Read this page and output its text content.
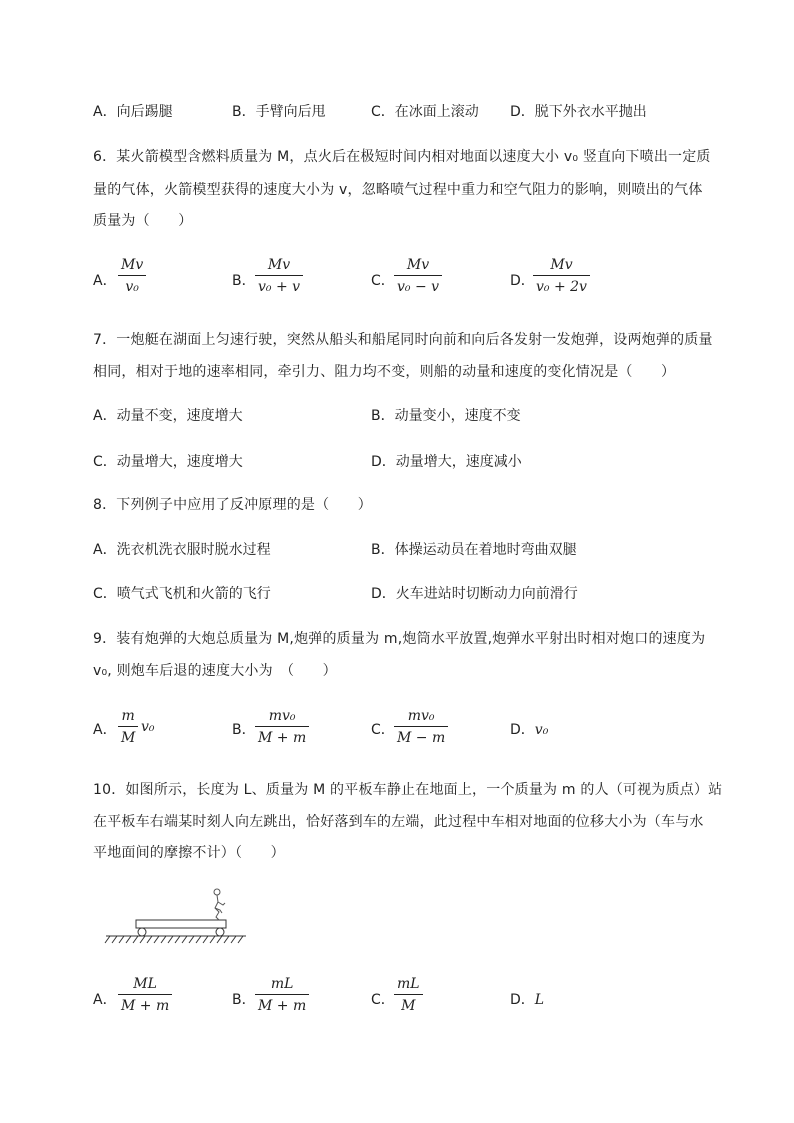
A．向后踢腿	B．手臂向后甩	C．在冰面上滚动 D．脱下外衣水平抛出
6．某火箭模型含燃料质量为 M，点火后在极短时间内相对地面以速度大小 v₀ 竖直向下喷出一定质
量的气体，火箭模型获得的速度大小为 v，忽略喷气过程中重力和空气阻力的影响，则喷出的气体
质量为（　　）
A． $\frac{Mv}{\text{v₀}}$	B． $\frac{Mv}{\text{v₀ + v}}$	C． $\frac{Mv}{\text{v₀ − v}}$	D．
$\frac{Mv}{\text{v₀ + 2v}}$
7．一炮艇在湖面上匀速行驶，突然从船头和船尾同时向前和向后各发射一发炮弹，设两炮弹的质量
相同，相对于地的速率相同，牵引力、阻力均不变，则船的动量和速度的变化情况是（　　）
A．动量不变，速度增大	B．动量变小，速度不变
C．动量增大，速度增大	D．动量增大，速度减小
8．下列例子中应用了反冲原理的是（　　）
A．洗衣机洗衣服时脱水过程	B．体操运动员在着地时弯曲双腿
C．喷气式飞机和火箭的飞行	D．火车进站时切断动力向前滑行
9．装有炮弹的大炮总质量为 M,炮弹的质量为 m,炮筒水平放置,炮弹水平射出时相对炮口的速度为
v₀, 则炮车后退的速度大小为　（　　）
A． $\frac{m}{M} v_0$	B． $\frac{\text{mv₀}}{M + m}$	C． $\frac{\text{mv₀}}{M - m}$	D．v₀
10．如图所示，长度为 L、质量为 M 的平板车静止在地面上，一个质量为 m 的人（可视为质点）站
在平板车右端某时刻人向左跳出，恰好落到车的左端，此过程中车相对地面的位移大小为（车与水
平地面间的摩擦不计）（　　）
A． $\frac{ML}{M + m}$	B． $\frac{mL}{M + m}$	C． $\frac{mL}{M}$	D．L
